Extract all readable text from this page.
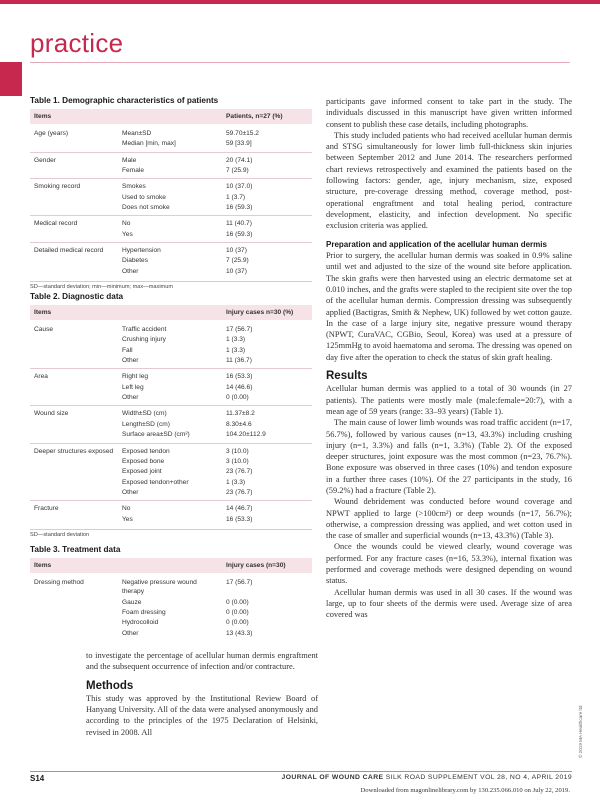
practice
Table 1. Demographic characteristics of patients
Items		Patients, n=27 (%)
Age (years)	Mean±SD	59.70±15.2
	Median [min, max]	59 [33.9]
Gender	Male	20 (74.1)
	Female	7 (25.9)
Smoking record	Smokes	10 (37.0)
	Used to smoke	1 (3.7)
	Does not smoke	16 (59.3)
Medical record	No	11 (40.7)
	Yes	16 (59.3)
Detailed medical record	Hypertension	10 (37)
	Diabetes	7 (25.9)
	Other	10 (37)
SD—standard deviation; min—minimum; max—maximum
Table 2. Diagnostic data
Items		Injury cases n=30 (%)
Cause	Traffic accident	17 (56.7)
	Crushing injury	1 (3.3)
	Fall	1 (3.3)
	Other	11 (36.7)
Area	Right leg	16 (53.3)
	Left leg	14 (46.6)
	Other	0 (0.00)
Wound size	Width±SD (cm)	11.37±8.2
	Length±SD (cm)	8.30±4.6
	Surface area±SD (cm²)	104.20±112.9
Deeper structures exposed	Exposed tendon	3 (10.0)
	Exposed bone	3 (10.0)
	Exposed joint	23 (76.7)
	Exposed tendon+other	1 (3.3)
	Other	23 (76.7)
Fracture	No	14 (46.7)
	Yes	16 (53.3)
SD—standard deviation
Table 3. Treatment data
Items		Injury cases (n=30)
Dressing method	Negative pressure wound therapy	17 (56.7)
	Gauze	0 (0.00)
	Foam dressing	0 (0.00)
	Hydrocolloid	0 (0.00)
	Other	13 (43.3)

to investigate the percentage of acellular human dermis engraftment and the subsequent occurrence of infection and/or contracture.

Methods

This study was approved by the Institutional Review Board of Hanyang University. All of the data were analysed anonymously and according to the principles of the 1975 Declaration of Helsinki, revised in 2008. All

participants gave informed consent to take part in the study. The individuals discussed in this manuscript have given written informed consent to publish these case details, including photographs.

This study included patients who had received acellular human dermis and STSG simultaneously for lower limb full-thickness skin injuries between September 2012 and June 2014. The researchers performed chart reviews retrospectively and examined the patients based on the following factors: gender, age, injury mechanism, size, exposed structure, pre-coverage dressing method, coverage method, post-operational engraftment and total healing period, contracture development, elasticity, and infection development. No specific exclusion criteria was applied.

Preparation and application of the acellular human dermis

Prior to surgery, the acellular human dermis was soaked in 0.9% saline until wet and adjusted to the size of the wound site before application. The skin grafts were then harvested using an electric dermatome set at 0.010 inches, and the grafts were stapled to the recipient site over the top of the acellular human dermis. Compression dressing was subsequently applied (Bactigras, Smith & Nephew, UK) followed by wet cotton gauze. In the case of a large injury site, negative pressure wound therapy (NPWT, CuraVAC, CGBio, Seoul, Korea) was used at a pressure of 125mmHg to avoid haematoma and seroma. The dressing was opened on day five after the operation to check the status of skin graft healing.

Results

Acellular human dermis was applied to a total of 30 wounds (in 27 patients). The patients were mostly male (male:female=20:7), with a mean age of 59 years (range: 33–93 years) (Table 1).

The main cause of lower limb wounds was road traffic accident (n=17, 56.7%), followed by various causes (n=13, 43.3%) including crushing injury (n=1, 3.3%) and falls (n=1, 3.3%) (Table 2). Of the exposed deeper structures, joint exposure was the most common (n=23, 76.7%). Bone exposure was observed in three cases (10%) and tendon exposure in a further three cases (10%). Of the 27 participants in the study, 16 (59.2%) had a fracture (Table 2).

Wound debridement was conducted before wound coverage and NPWT applied to large (>100cm²) or deep wounds (n=17, 56.7%); otherwise, a compression dressing was applied, and wet cotton used in the case of smaller and superficial wounds (n=13, 43.3%) (Table 3).

Once the wounds could be viewed clearly, wound coverage was performed. For any fracture cases (n=16, 53.3%), internal fixation was performed and coverage methods were designed depending on wound status.

Acellular human dermis was used in all 30 cases. If the wound was large, up to four sheets of the dermis were used. Average size of area covered was

© 2019 MA Healthcare ltd
S14	JOURNAL OF WOUND CARE SILK ROAD SUPPLEMENT VOL 28, NO 4, APRIL 2019
Downloaded from magonlinelibrary.com by 130.235.066.010 on July 22, 2019.
